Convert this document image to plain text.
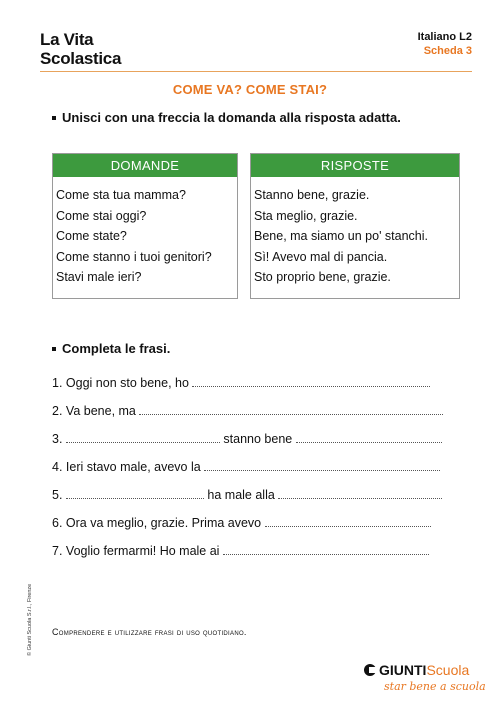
La Vita
Scolastica
Italiano L2
Scheda 3
COME VA? COME STAI?
Unisci con una freccia la domanda alla risposta adatta.
DOMANDE
Come sta tua mamma?
Come stai oggi?
Come state?
Come stanno i tuoi genitori?
Stavi male ieri?
RISPOSTE
Stanno bene, grazie.
Sta meglio, grazie.
Bene, ma siamo un po' stanchi.
Sì! Avevo mal di pancia.
Sto proprio bene, grazie.
Completa le frasi.
1. Oggi non sto bene, ho
2. Va bene, ma
3.	stanno bene
4. Ieri stavo male, avevo la
5.	ha male alla
6. Ora va meglio, grazie. Prima avevo
7. Voglio fermarmi! Ho male ai
© Giunti Scuola S.r.l., Firenze Comprendere e utilizzare frasi di uso quotidiano.
GIUNTIScuola
star bene a scuola
